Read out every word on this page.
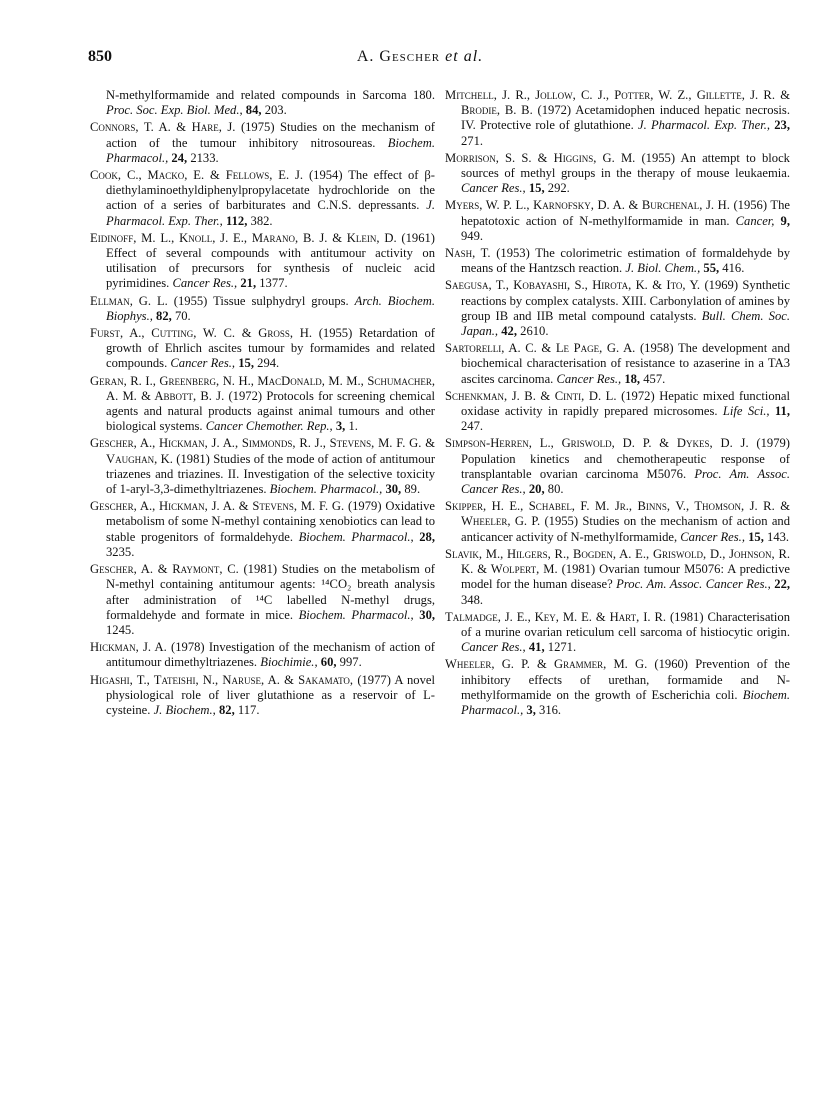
850	A. Gescher et al.

N-methylformamide and related compounds in Sarcoma 180. Proc. Soc. Exp. Biol. Med., 84, 203.

Connors, T. A. & Hare, J. (1975) Studies on the mechanism of action of the tumour inhibitory nitrosoureas. Biochem. Pharmacol., 24, 2133.

Cook, C., Macko, E. & Fellows, E. J. (1954) The effect of β-diethylaminoethyldiphenylpropylacetate hydrochloride on the action of a series of barbiturates and C.N.S. depressants. J. Pharmacol. Exp. Ther., 112, 382.

Eidinoff, M. L., Knoll, J. E., Marano, B. J. & Klein, D. (1961) Effect of several compounds with antitumour activity on utilisation of precursors for synthesis of nucleic acid pyrimidines. Cancer Res., 21, 1377.

Ellman, G. L. (1955) Tissue sulphydryl groups. Arch. Biochem. Biophys., 82, 70.

Furst, A., Cutting, W. C. & Gross, H. (1955) Retardation of growth of Ehrlich ascites tumour by formamides and related compounds. Cancer Res., 15, 294.

Geran, R. I., Greenberg, N. H., MacDonald, M. M., Schumacher, A. M. & Abbott, B. J. (1972) Protocols for screening chemical agents and natural products against animal tumours and other biological systems. Cancer Chemother. Rep., 3, 1.

Gescher, A., Hickman, J. A., Simmonds, R. J., Stevens, M. F. G. & Vaughan, K. (1981) Studies of the mode of action of antitumour triazenes and triazines. II. Investigation of the selective toxicity of 1-aryl-3,3-dimethyltriazenes. Biochem. Pharmacol., 30, 89.

Gescher, A., Hickman, J. A. & Stevens, M. F. G. (1979) Oxidative metabolism of some N-methyl containing xenobiotics can lead to stable progenitors of formaldehyde. Biochem. Pharmacol., 28, 3235.

Gescher, A. & Raymont, C. (1981) Studies on the metabolism of N-methyl containing antitumour agents: ¹⁴CO₂ breath analysis after administration of ¹⁴C labelled N-methyl drugs, formaldehyde and formate in mice. Biochem. Pharmacol., 30, 1245.

Hickman, J. A. (1978) Investigation of the mechanism of action of antitumour dimethyltriazenes. Biochimie., 60, 997.

Higashi, T., Tateishi, N., Naruse, A. & Sakamato, (1977) A novel physiological role of liver glutathione as a reservoir of L-cysteine. J. Biochem., 82, 117.

Mitchell, J. R., Jollow, C. J., Potter, W. Z., Gillette, J. R. & Brodie, B. B. (1972) Acetamidophen induced hepatic necrosis. IV. Protective role of glutathione. J. Pharmacol. Exp. Ther., 23, 271.

Morrison, S. S. & Higgins, G. M. (1955) An attempt to block sources of methyl groups in the therapy of mouse leukaemia. Cancer Res., 15, 292.

Myers, W. P. L., Karnofsky, D. A. & Burchenal, J. H. (1956) The hepatotoxic action of N-methylformamide in man. Cancer, 9, 949.

Nash, T. (1953) The colorimetric estimation of formaldehyde by means of the Hantzsch reaction. J. Biol. Chem., 55, 416.

Saegusa, T., Kobayashi, S., Hirota, K. & Ito, Y. (1969) Synthetic reactions by complex catalysts. XIII. Carbonylation of amines by group IB and IIB metal compound catalysts. Bull. Chem. Soc. Japan., 42, 2610.

Sartorelli, A. C. & Le Page, G. A. (1958) The development and biochemical characterisation of resistance to azaserine in a TA3 ascites carcinoma. Cancer Res., 18, 457.

Schenkman, J. B. & Cinti, D. L. (1972) Hepatic mixed functional oxidase activity in rapidly prepared microsomes. Life Sci., 11, 247.

Simpson-Herren, L., Griswold, D. P. & Dykes, D. J. (1979) Population kinetics and chemotherapeutic response of transplantable ovarian carcinoma M5076. Proc. Am. Assoc. Cancer Res., 20, 80.

Skipper, H. E., Schabel, F. M. Jr., Binns, V., Thomson, J. R. & Wheeler, G. P. (1955) Studies on the mechanism of action and anticancer activity of N-methylformamide, Cancer Res., 15, 143.

Slavik, M., Hilgers, R., Bogden, A. E., Griswold, D., Johnson, R. K. & Wolpert, M. (1981) Ovarian tumour M5076: A predictive model for the human disease? Proc. Am. Assoc. Cancer Res., 22, 348.

Talmadge, J. E., Key, M. E. & Hart, I. R. (1981) Characterisation of a murine ovarian reticulum cell sarcoma of histiocytic origin. Cancer Res., 41, 1271.

Wheeler, G. P. & Grammer, M. G. (1960) Prevention of the inhibitory effects of urethan, formamide and N-methylformamide on the growth of Escherichia coli. Biochem. Pharmacol., 3, 316.
